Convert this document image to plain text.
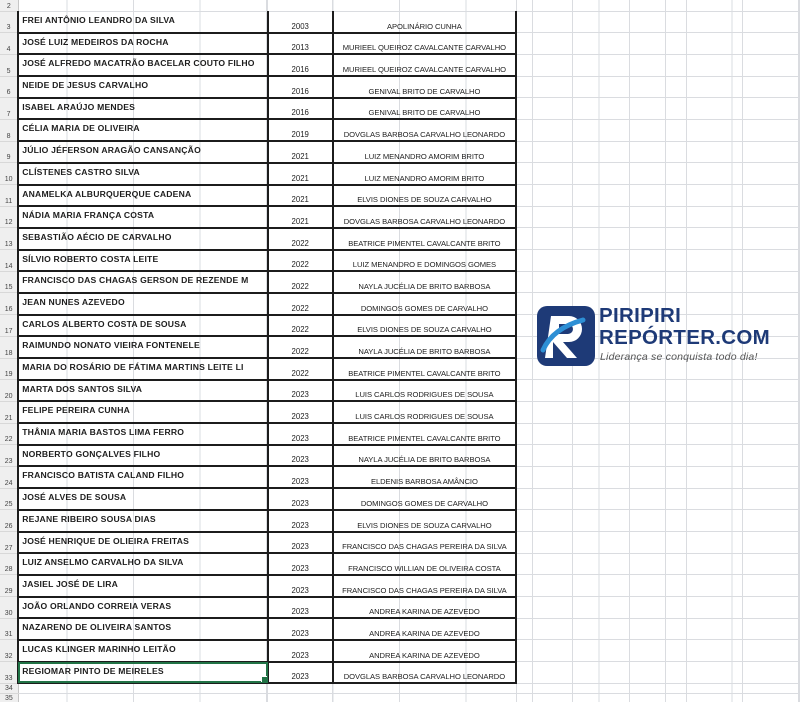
2								
3	FREI ANTÔNIO LEANDRO DA SILVA	2003	APOLINÁRIO CUNHA					
4	JOSÉ LUIZ MEDEIROS DA ROCHA	2013	MURIEEL QUEIROZ CAVALCANTE CARVALHO					
5	JOSÉ ALFREDO MACATRÃO BACELAR COUTO FILHO	2016	MURIEEL QUEIROZ CAVALCANTE CARVALHO					
6	NEIDE DE JESUS CARVALHO	2016	GENIVAL BRITO DE CARVALHO					
7	ISABEL ARAÚJO MENDES	2016	GENIVAL BRITO DE CARVALHO					
8	CÉLIA MARIA DE OLIVEIRA	2019	DOVGLAS BARBOSA CARVALHO LEONARDO					
9	JÚLIO JÉFERSON ARAGÃO CANSANÇÃO	2021	LUIZ MENANDRO AMORIM BRITO					
10	CLÍSTENES CASTRO SILVA	2021	LUIZ MENANDRO AMORIM BRITO					
11	ANAMELKA ALBURQUERQUE CADENA	2021	ELVIS DIONES DE SOUZA CARVALHO					
12	NÁDIA MARIA FRANÇA COSTA	2021	DOVGLAS BARBOSA CARVALHO LEONARDO					
13	SEBASTIÃO AÉCIO DE CARVALHO	2022	BEATRICE PIMENTEL CAVALCANTE BRITO					
14	SÍLVIO ROBERTO COSTA LEITE	2022	LUIZ MENANDRO E DOMINGOS GOMES					
15	FRANCISCO DAS CHAGAS GERSON DE REZENDE M	2022	NAYLA JUCÉLIA DE BRITO BARBOSA					
16	JEAN NUNES AZEVEDO	2022	DOMINGOS GOMES DE CARVALHO					
17	CARLOS ALBERTO COSTA DE SOUSA	2022	ELVIS DIONES DE SOUZA CARVALHO					
18	RAIMUNDO NONATO VIEIRA FONTENELE	2022	NAYLA JUCÉLIA DE BRITO BARBOSA					
19	MARIA DO ROSÁRIO DE FÁTIMA MARTINS LEITE LI	2022	BEATRICE PIMENTEL CAVALCANTE BRITO					
20	MARTA DOS SANTOS SILVA	2023	LUIS CARLOS RODRIGUES DE SOUSA					
21	FELIPE PEREIRA CUNHA	2023	LUIS CARLOS RODRIGUES DE SOUSA					
22	THÂNIA MARIA BASTOS LIMA FERRO	2023	BEATRICE PIMENTEL CAVALCANTE BRITO					
23	NORBERTO GONÇALVES FILHO	2023	NAYLA JUCÉLIA DE BRITO BARBOSA					
24	FRANCISCO BATISTA CALAND FILHO	2023	ELDENIS BARBOSA AMÂNCIO					
25	JOSÉ ALVES DE SOUSA	2023	DOMINGOS GOMES DE CARVALHO					
26	REJANE RIBEIRO SOUSA DIAS	2023	ELVIS DIONES DE SOUZA CARVALHO					
27	JOSÉ HENRIQUE DE OLIEIRA FREITAS	2023	FRANCISCO DAS CHAGAS PEREIRA DA SILVA					
28	LUIZ ANSELMO CARVALHO DA SILVA	2023	FRANCISCO WILLIAN DE OLIVEIRA COSTA					
29	JASIEL JOSÉ DE LIRA	2023	FRANCISCO DAS CHAGAS PEREIRA DA SILVA					
30	JOÃO ORLANDO CORREIA VERAS	2023	ANDREA KARINA DE AZEVEDO					
31	NAZARENO DE OLIVEIRA SANTOS	2023	ANDREA KARINA DE AZEVEDO					
32	LUCAS KLINGER MARINHO LEITÃO	2023	ANDREA KARINA DE AZEVEDO					
33	REGIOMAR PINTO DE MEIRELES	2023	DOVGLAS BARBOSA CARVALHO LEONARDO					
34								
35								
PIRIPIRI
REPÓRTER.COM
Liderança se conquista todo dia!
